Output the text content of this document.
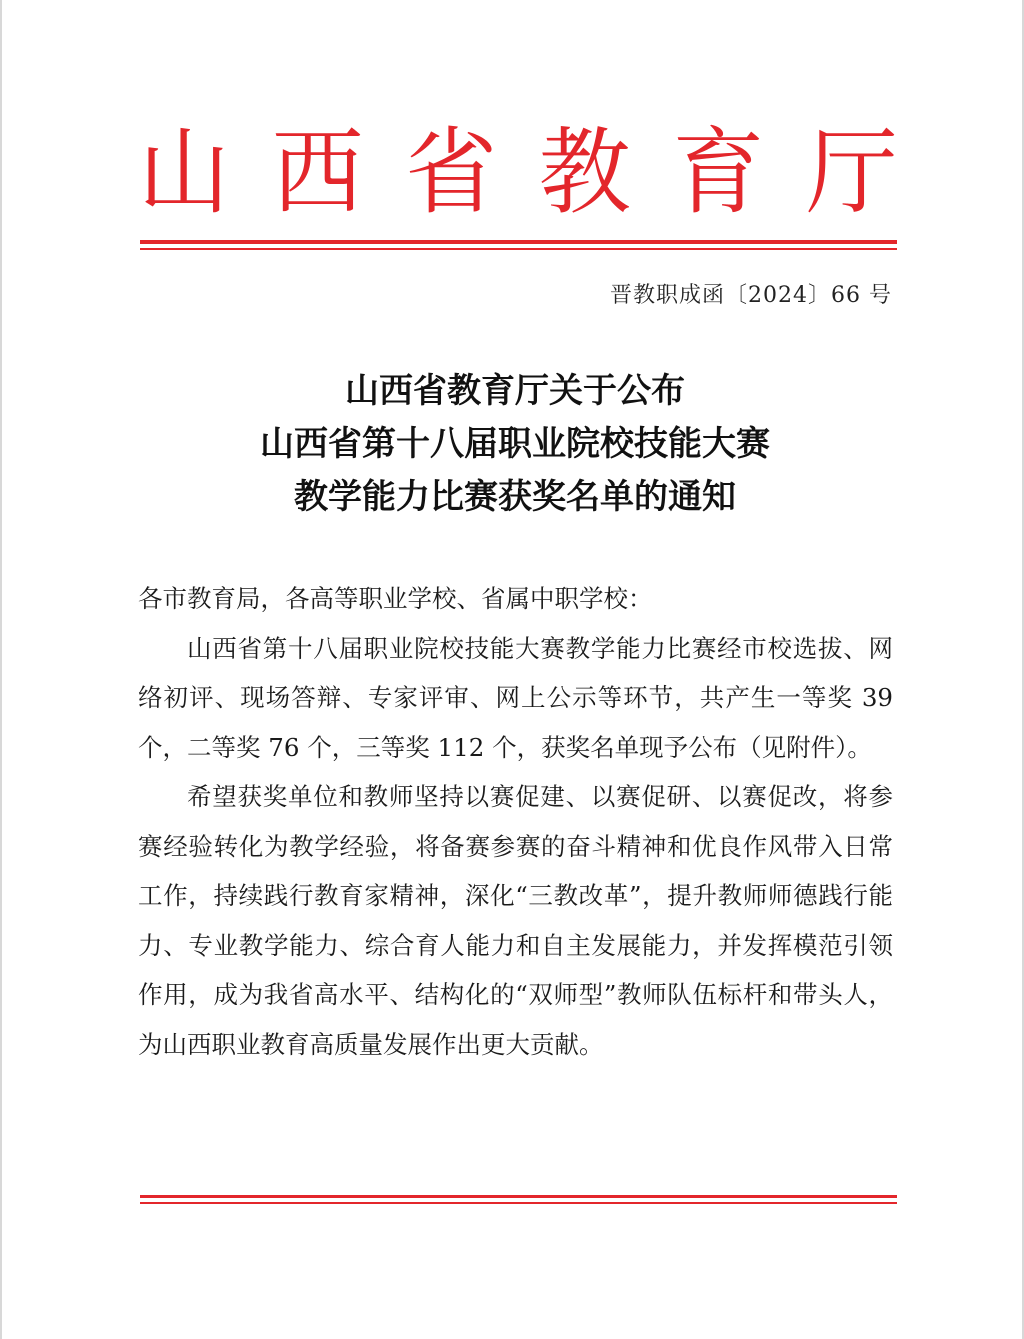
山 西 省 教 育 厅
晋教职成函〔2024〕66 号
山西省教育厅关于公布
山西省第十八届职业院校技能大赛
教学能力比赛获奖名单的通知

各市教育局，各高等职业学校、省属中职学校：

山西省第十八届职业院校技能大赛教学能力比赛经市校选拔、网络初评、现场答辩、专家评审、网上公示等环节，共产生一等奖 39 个，二等奖 76 个，三等奖 112 个，获奖名单现予公布（见附件）。

希望获奖单位和教师坚持以赛促建、以赛促研、以赛促改，将参赛经验转化为教学经验，将备赛参赛的奋斗精神和优良作风带入日常工作，持续践行教育家精神，深化“三教改革”，提升教师师德践行能力、专业教学能力、综合育人能力和自主发展能力，并发挥模范引领作用，成为我省高水平、结构化的“双师型”教师队伍标杆和带头人，为山西职业教育高质量发展作出更大贡献。
